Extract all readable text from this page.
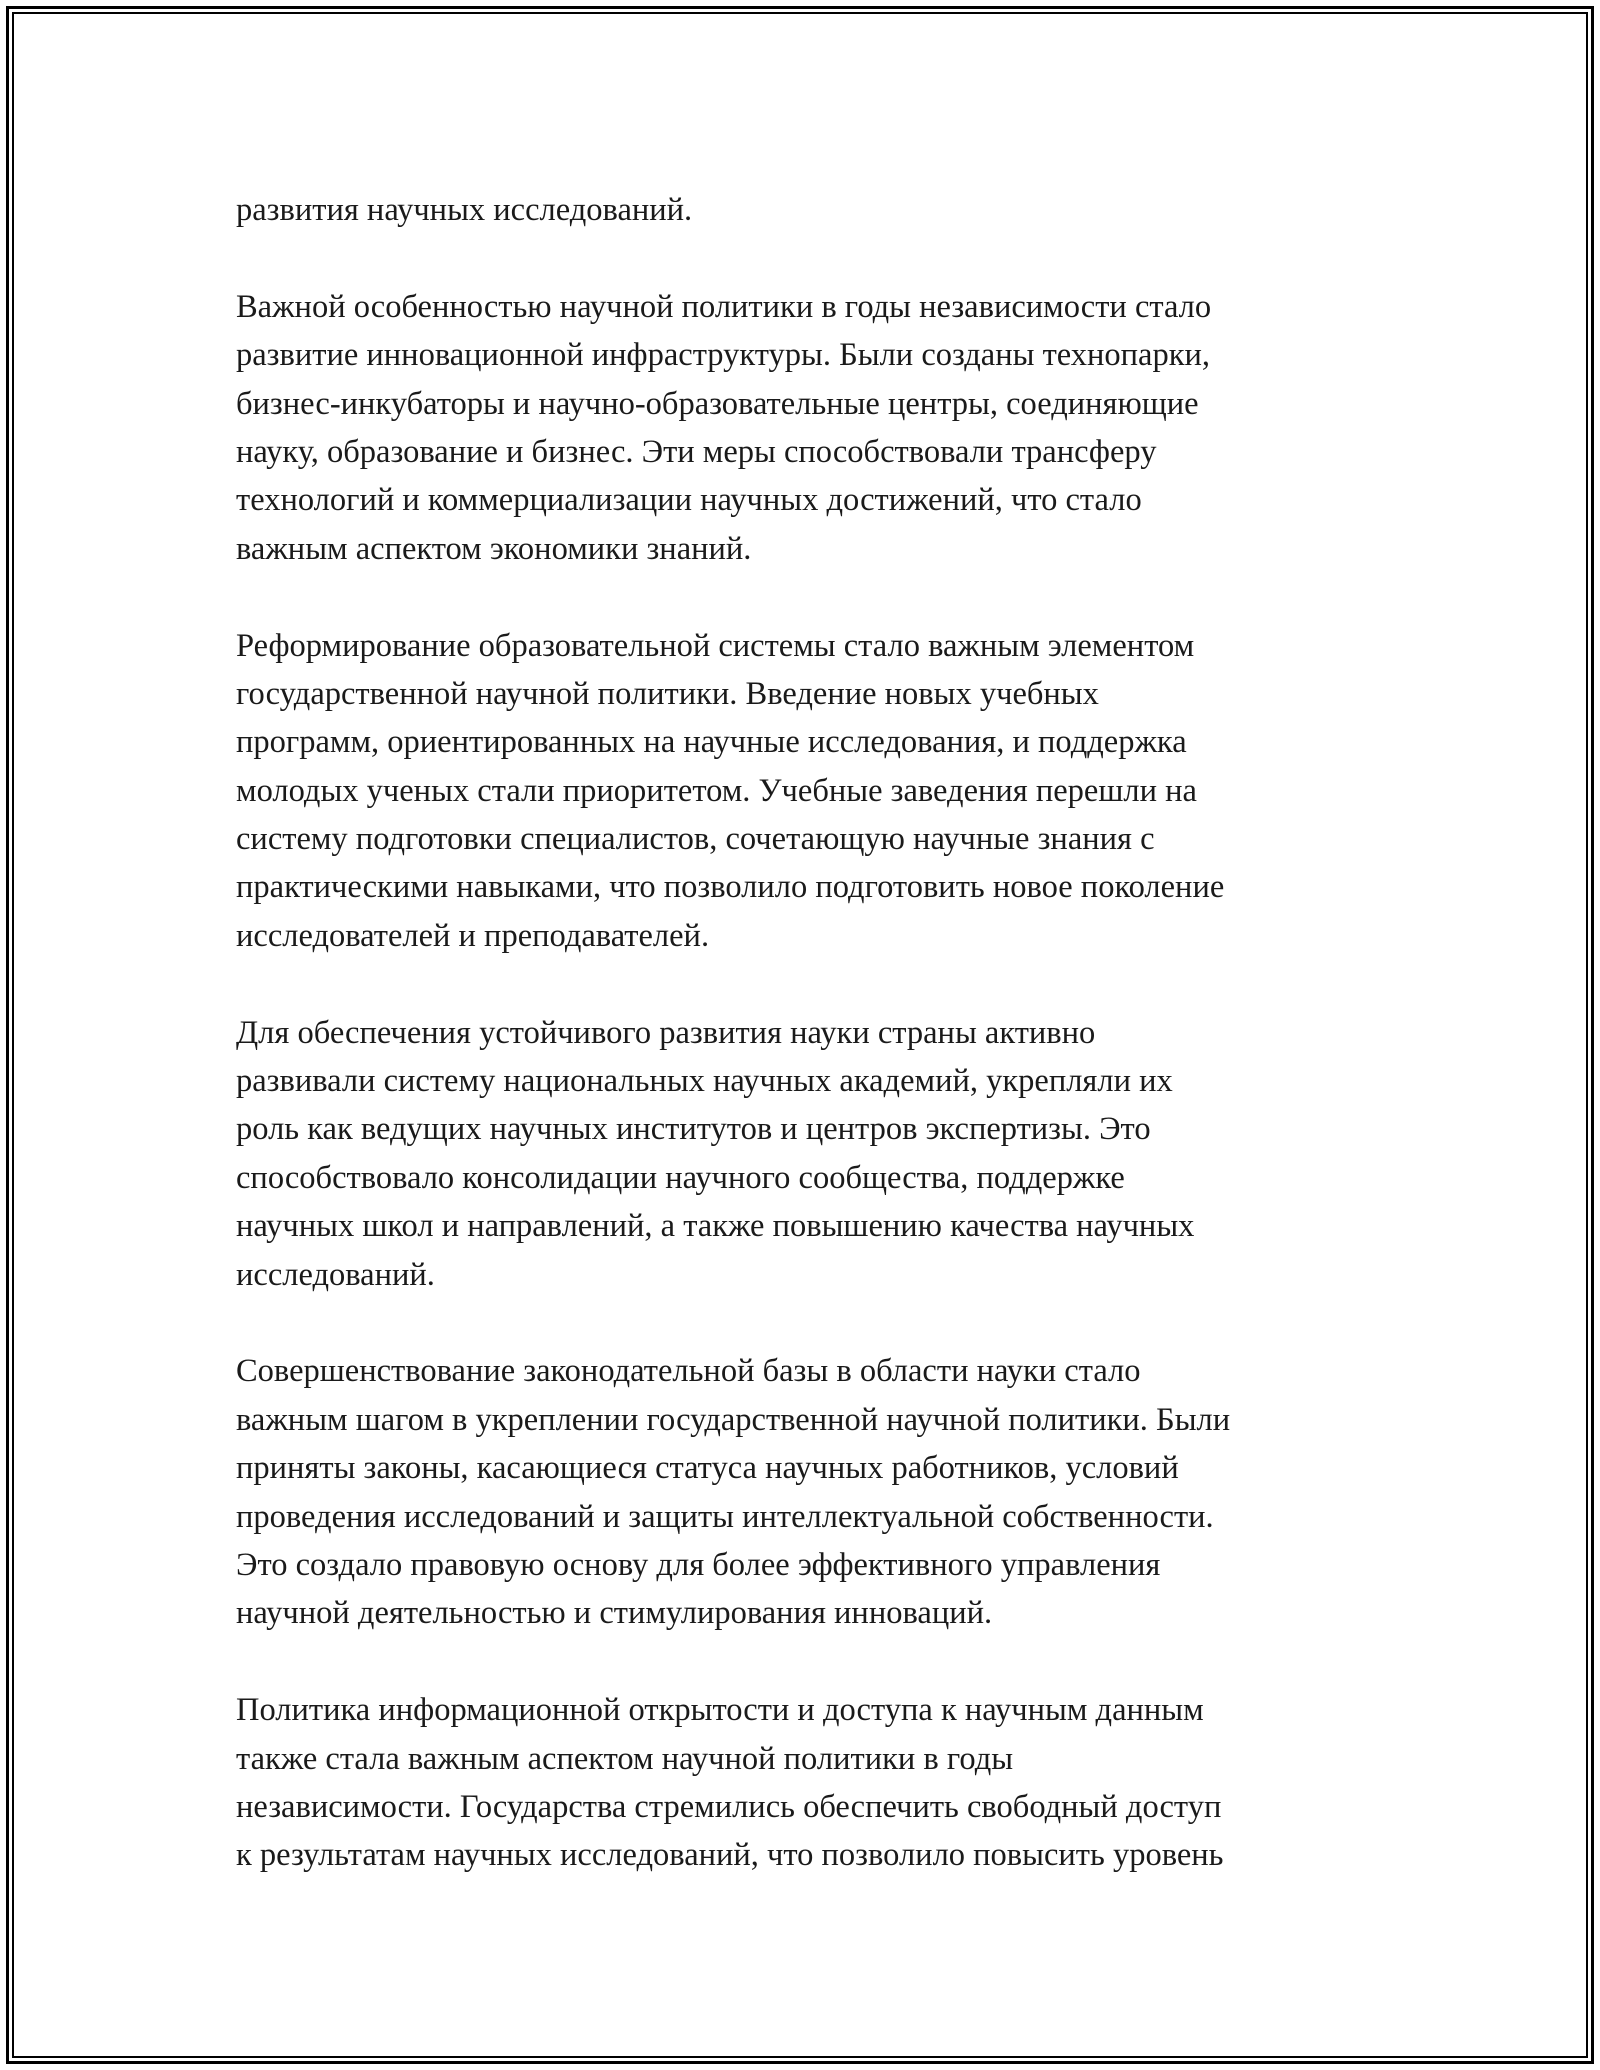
развития научных исследований.
Важной особенностью научной политики в годы независимости стало
развитие инновационной инфраструктуры. Были созданы технопарки,
бизнес-инкубаторы и научно-образовательные центры, соединяющие
науку, образование и бизнес. Эти меры способствовали трансферу
технологий и коммерциализации научных достижений, что стало
важным аспектом экономики знаний.
Реформирование образовательной системы стало важным элементом
государственной научной политики. Введение новых учебных
программ, ориентированных на научные исследования, и поддержка
молодых ученых стали приоритетом. Учебные заведения перешли на
систему подготовки специалистов, сочетающую научные знания с
практическими навыками, что позволило подготовить новое поколение
исследователей и преподавателей.
Для обеспечения устойчивого развития науки страны активно
развивали систему национальных научных академий, укрепляли их
роль как ведущих научных институтов и центров экспертизы. Это
способствовало консолидации научного сообщества, поддержке
научных школ и направлений, а также повышению качества научных
исследований.
Совершенствование законодательной базы в области науки стало
важным шагом в укреплении государственной научной политики. Были
приняты законы, касающиеся статуса научных работников, условий
проведения исследований и защиты интеллектуальной собственности.
Это создало правовую основу для более эффективного управления
научной деятельностью и стимулирования инноваций.
Политика информационной открытости и доступа к научным данным
также стала важным аспектом научной политики в годы
независимости. Государства стремились обеспечить свободный доступ
к результатам научных исследований, что позволило повысить уровень
